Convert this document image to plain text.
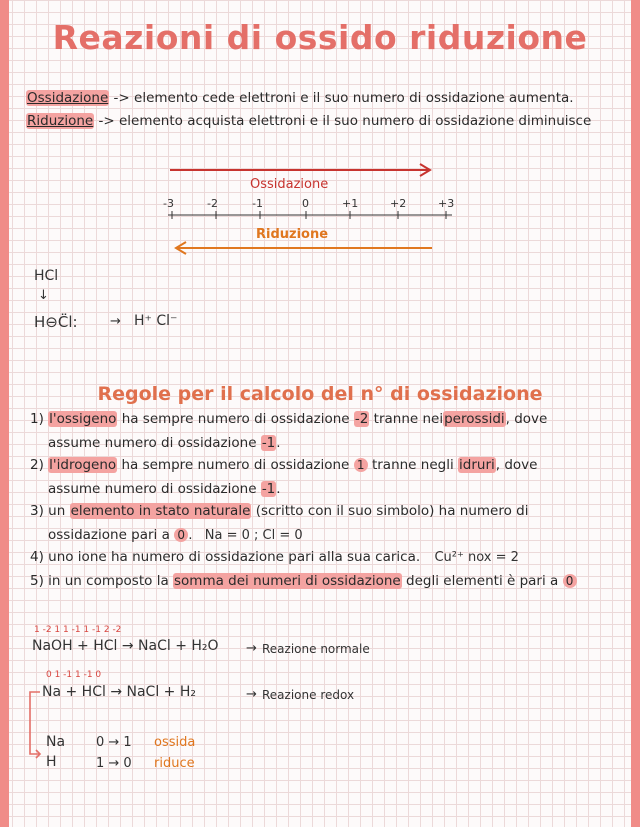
Reazioni di ossido riduzione
Ossidazione -> elemento cede elettroni e il suo numero di ossidazione aumenta.
Riduzione -> elemento acquista elettroni e il suo numero di ossidazione diminuisce
Ossidazione
Riduzione
-3	-2	-1	0	+1	+2	+3
HCl
↓
H⊖C̈l: → H⁺ Cl⁻
Regole per il calcolo del n° di ossidazione
1) l'ossigeno ha sempre numero di ossidazione -2 tranne neiperossidi, dove
assume numero di ossidazione -1.
2) l'idrogeno ha sempre numero di ossidazione 1 tranne negli idruri, dove
assume numero di ossidazione -1.
3) un elemento in stato naturale (scritto con il suo simbolo) ha numero di
ossidazione pari a 0 . Na = 0 ; Cl = 0
4) uno ione ha numero di ossidazione pari alla sua carica. Cu²⁺ nox = 2
5) in un composto la somma dei numeri di ossidazione degli elementi è pari a 0
1 -2 1 1 -1 1 -1 2 -2
NaOH + HCl → NaCl + H₂O → Reazione normale
0 1 -1 1 -1 0
Na + HCl → NaCl + H₂	→ Reazione redox
Na 0 → 1 ossida
H	1 → 0 riduce
